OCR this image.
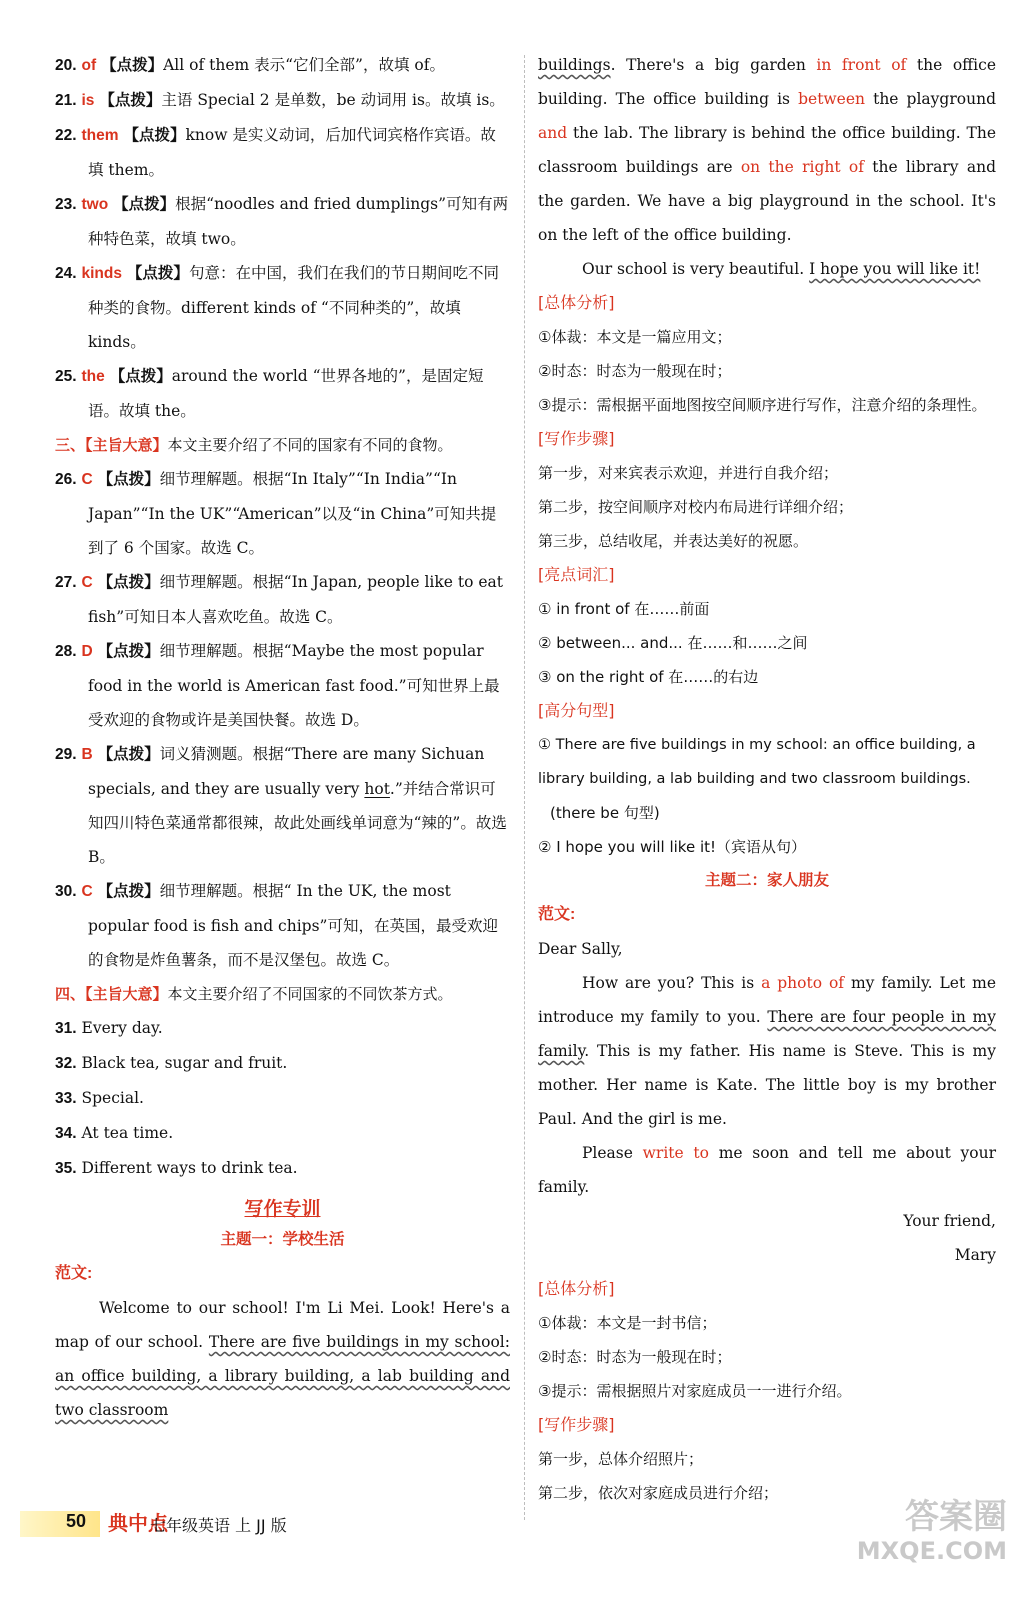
20. of 【点拨】All of them 表示“它们全部”，故填 of。
21. is 【点拨】主语 Special 2 是单数，be 动词用 is。故填 is。
22. them 【点拨】know 是实义动词，后加代词宾格作宾语。故填 them。
23. two 【点拨】根据“noodles and fried dumplings”可知有两种特色菜，故填 two。
24. kinds 【点拨】句意：在中国，我们在我们的节日期间吃不同种类的食物。different kinds of “不同种类的”，故填 kinds。
25. the 【点拨】around the world “世界各地的”，是固定短语。故填 the。
三、【主旨大意】本文主要介绍了不同的国家有不同的食物。
26. C 【点拨】细节理解题。根据“In Italy”“In India”“In Japan”“In the UK”“American”以及“in China”可知共提到了 6 个国家。故选 C。
27. C 【点拨】细节理解题。根据“In Japan, people like to eat fish”可知日本人喜欢吃鱼。故选 C。
28. D 【点拨】细节理解题。根据“Maybe the most popular food in the world is American fast food.”可知世界上最受欢迎的食物或许是美国快餐。故选 D。
29. B 【点拨】词义猜测题。根据“There are many Sichuan specials, and they are usually very hot.”并结合常识可知四川特色菜通常都很辣，故此处画线单词意为“辣的”。故选 B。
30. C 【点拨】细节理解题。根据“ In the UK, the most popular food is fish and chips”可知，在英国，最受欢迎的食物是炸鱼薯条，而不是汉堡包。故选 C。
四、【主旨大意】本文主要介绍了不同国家的不同饮茶方式。
31. Every day.
32. Black tea, sugar and fruit.
33. Special.
34. At tea time.
35. Different ways to drink tea.
写作专训
主题一：学校生活
范文:

Welcome to our school! I'm Li Mei. Look! Here's a map of our school. There are five buildings in my school: an office building, a library building, a lab building and two classroom

buildings. There's a big garden in front of the office building. The office building is between the playground and the lab. The library is behind the office building. The classroom buildings are on the right of the library and the garden. We have a big playground in the school. It's on the left of the office building.

Our school is very beautiful. I hope you will like it!

[总体分析]
①体裁：本文是一篇应用文；
②时态：时态为一般现在时；
③提示：需根据平面地图按空间顺序进行写作，注意介绍的条理性。
[写作步骤]
第一步，对来宾表示欢迎，并进行自我介绍；
第二步，按空间顺序对校内布局进行详细介绍；
第三步，总结收尾，并表达美好的祝愿。
[亮点词汇]
① in front of 在……前面
② between... and... 在……和……之间
③ on the right of 在……的右边
[高分句型]
① There are five buildings in my school: an office building, a library building, a lab building and two classroom buildings.
(there be 句型)
② I hope you will like it!（宾语从句）
主题二：家人朋友
范文:
Dear Sally,

How are you? This is a photo of my family. Let me introduce my family to you. There are four people in my family. This is my father. His name is Steve. This is my mother. Her name is Kate. The little boy is my brother Paul. And the girl is me.

Please write to me soon and tell me about your family.

Your friend,
Mary
[总体分析]
①体裁：本文是一封书信；
②时态：时态为一般现在时；
③提示：需根据照片对家庭成员一一进行介绍。
[写作步骤]
第一步，总体介绍照片；
第二步，依次对家庭成员进行介绍；
50 典中点
七年级英语 上 JJ 版	答案圈
MXQE.COM
